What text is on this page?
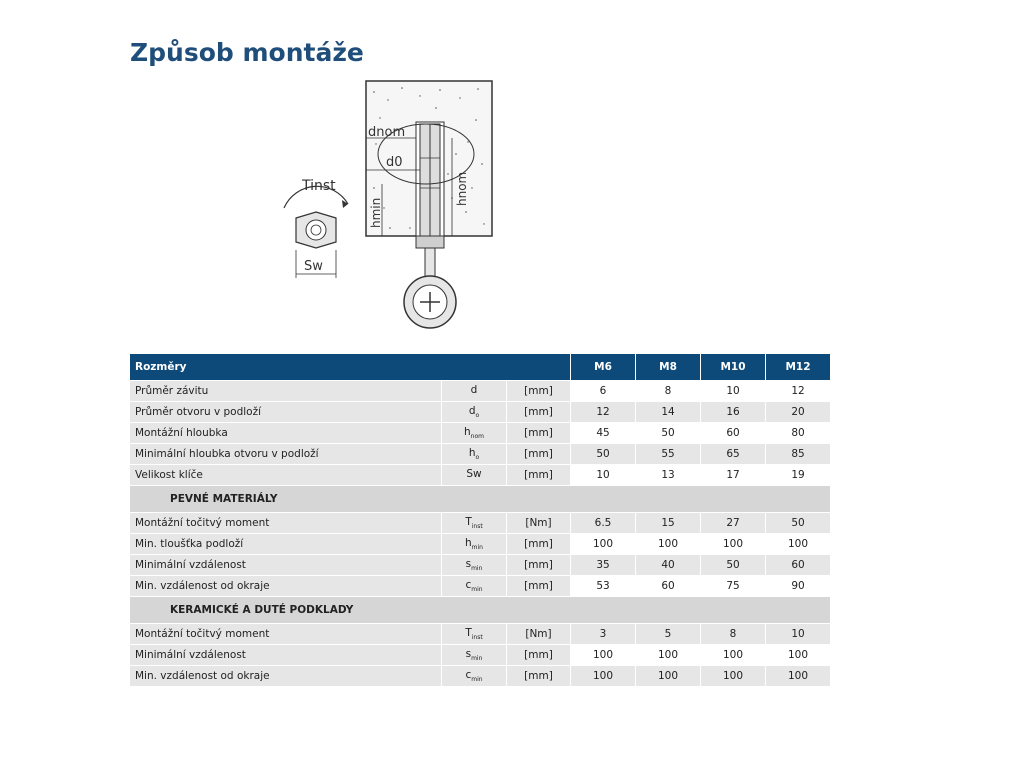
Způsob montáže
dnom
d0
hmin
hnom
Tinst
Sw
Rozměry			M6	M8	M10	M12
Průměr závitu	d	[mm]	6	8	10	12
Průměr otvoru v podloží	$d_o$	[mm]	12	14	16	20
Montážní hloubka	$h_{nom}$	[mm]	45	50	60	80
Minimální hloubka otvoru v podloží	$h_o$	[mm]	50	55	65	85
Velikost klíče	Sw	[mm]	10	13	17	19
PEVNÉ MATERIÁLY						
Montážní točitvý moment	$T_{inst}$	[Nm]	6.5	15	27	50
Min. tloušťka podloží	$h_{min}$	[mm]	100	100	100	100
Minimální vzdálenost	$s_{min}$	[mm]	35	40	50	60
Min. vzdálenost od okraje	$c_{min}$	[mm]	53	60	75	90
KERAMICKÉ A DUTÉ PODKLADY						
Montážní točitvý moment	$T_{inst}$	[Nm]	3	5	8	10
Minimální vzdálenost	$s_{min}$	[mm]	100	100	100	100
Min. vzdálenost od okraje	$c_{min}$	[mm]	100	100	100	100
